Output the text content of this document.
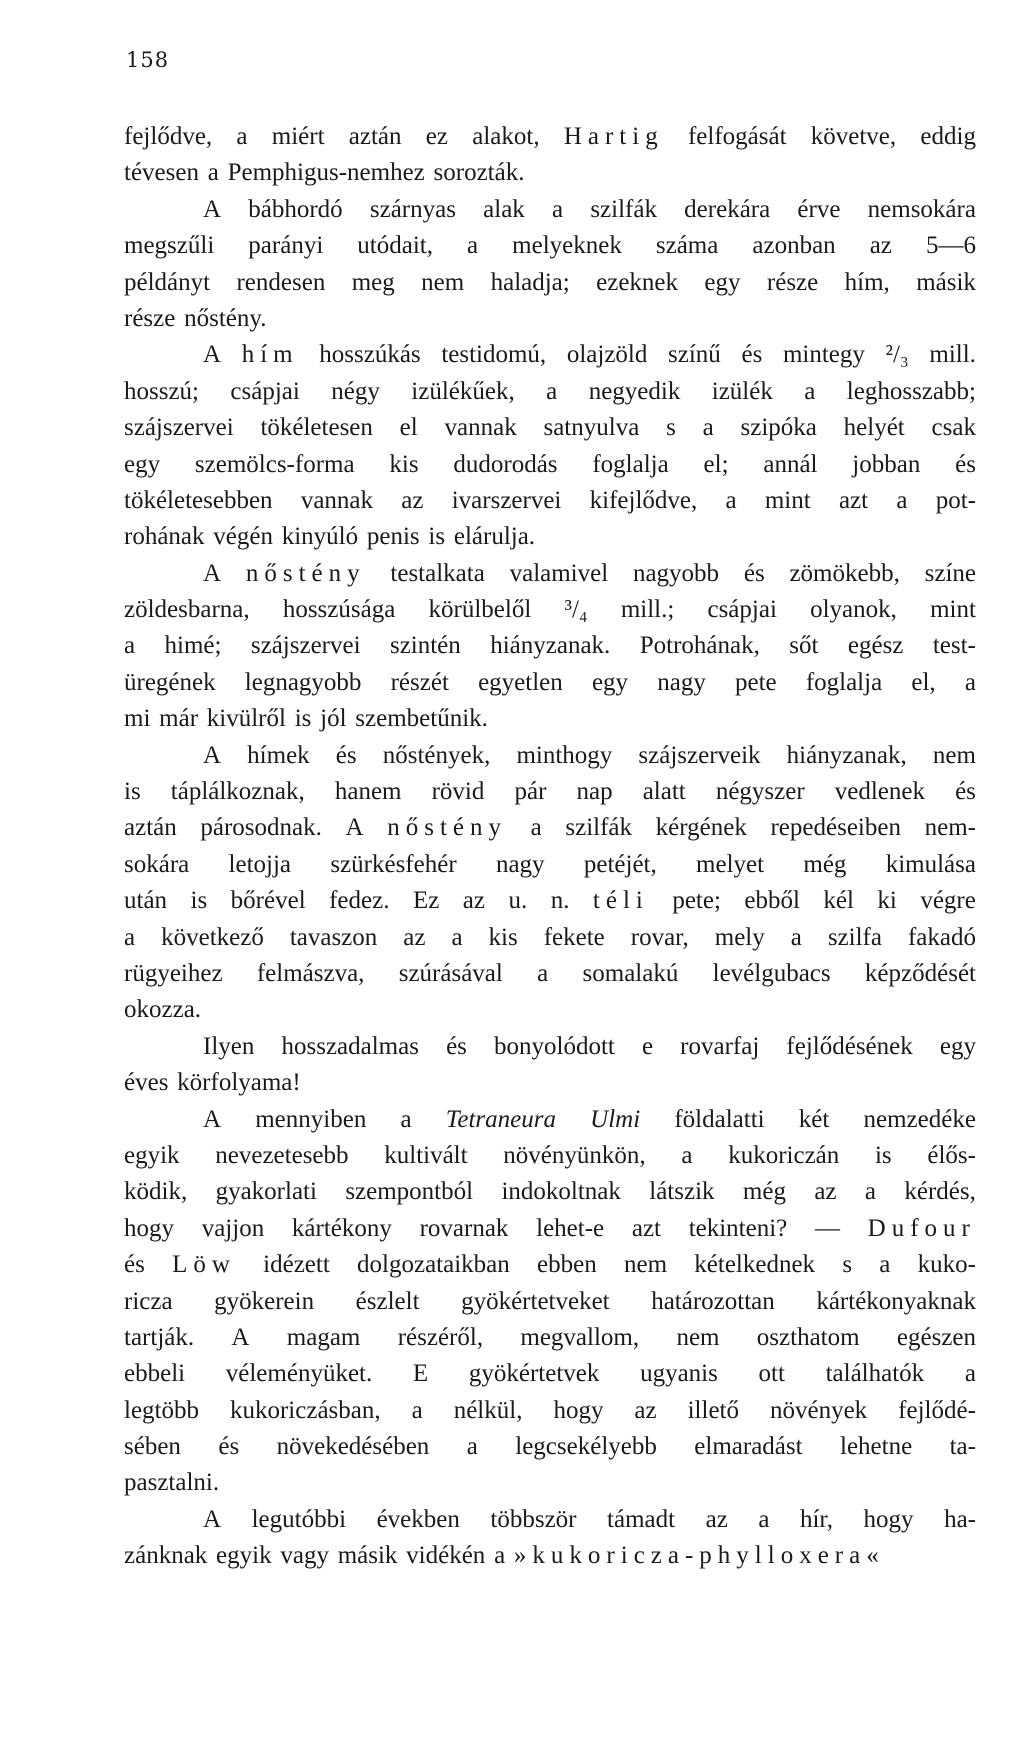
158
fejlődve, a miért aztán ez alakot, Hartig felfogását követve, eddig
tévesen a Pemphigus-nemhez sorozták.
A bábhordó szárnyas alak a szilfák derekára érve nemsokára
megszűli parányi utódait, a melyeknek száma azonban az 5—6
példányt rendesen meg nem haladja; ezeknek egy része hím, másik
része nőstény.
A hím hosszúkás testidomú, olajzöld színű és mintegy ²/₃ mill.
hosszú; csápjai négy izülékűek, a negyedik izülék a leghosszabb;
szájszervei tökéletesen el vannak satnyulva s a szipóka helyét csak
egy szemölcs-forma kis dudorodás foglalja el; annál jobban és
tökéletesebben vannak az ivarszervei kifejlődve, a mint azt a pot-
rohának végén kinyúló penis is elárulja.
A nőstény testalkata valamivel nagyobb és zömökebb, színe
zöldesbarna, hosszúsága körülbelől ³/₄ mill.; csápjai olyanok, mint
a himé; szájszervei szintén hiányzanak. Potrohának, sőt egész test-
üregének legnagyobb részét egyetlen egy nagy pete foglalja el, a
mi már kivülről is jól szembetűnik.
A hímek és nőstények, minthogy szájszerveik hiányzanak, nem
is táplálkoznak, hanem rövid pár nap alatt négyszer vedlenek és
aztán párosodnak. A nőstény a szilfák kérgének repedéseiben nem-
sokára letojja szürkésfehér nagy petéjét, melyet még kimulása
után is bőrével fedez. Ez az u. n. téli pete; ebből kél ki végre
a következő tavaszon az a kis fekete rovar, mely a szilfa fakadó
rügyeihez felmászva, szúrásával a somalakú levélgubacs képződését
okozza.
Ilyen hosszadalmas és bonyolódott e rovarfaj fejlődésének egy
éves körfolyama!
A mennyiben a Tetraneura Ulmi földalatti két nemzedéke
egyik nevezetesebb kultivált növényünkön, a kukoriczán is élős-
ködik, gyakorlati szempontból indokoltnak látszik még az a kérdés,
hogy vajjon kártékony rovarnak lehet-e azt tekinteni? — Dufour
és Löw idézett dolgozataikban ebben nem kételkednek s a kuko-
ricza gyökerein észlelt gyökértetveket határozottan kártékonyaknak
tartják. A magam részéről, megvallom, nem oszthatom egészen
ebbeli véleményüket. E gyökértetvek ugyanis ott találhatók a
legtöbb kukoriczásban, a nélkül, hogy az illető növények fejlődé-
sében és növekedésében a legcsekélyebb elmaradást lehetne ta-
pasztalni.
A legutóbbi években többször támadt az a hír, hogy ha-
zánknak egyik vagy másik vidékén a »kukoricza-phylloxera«
